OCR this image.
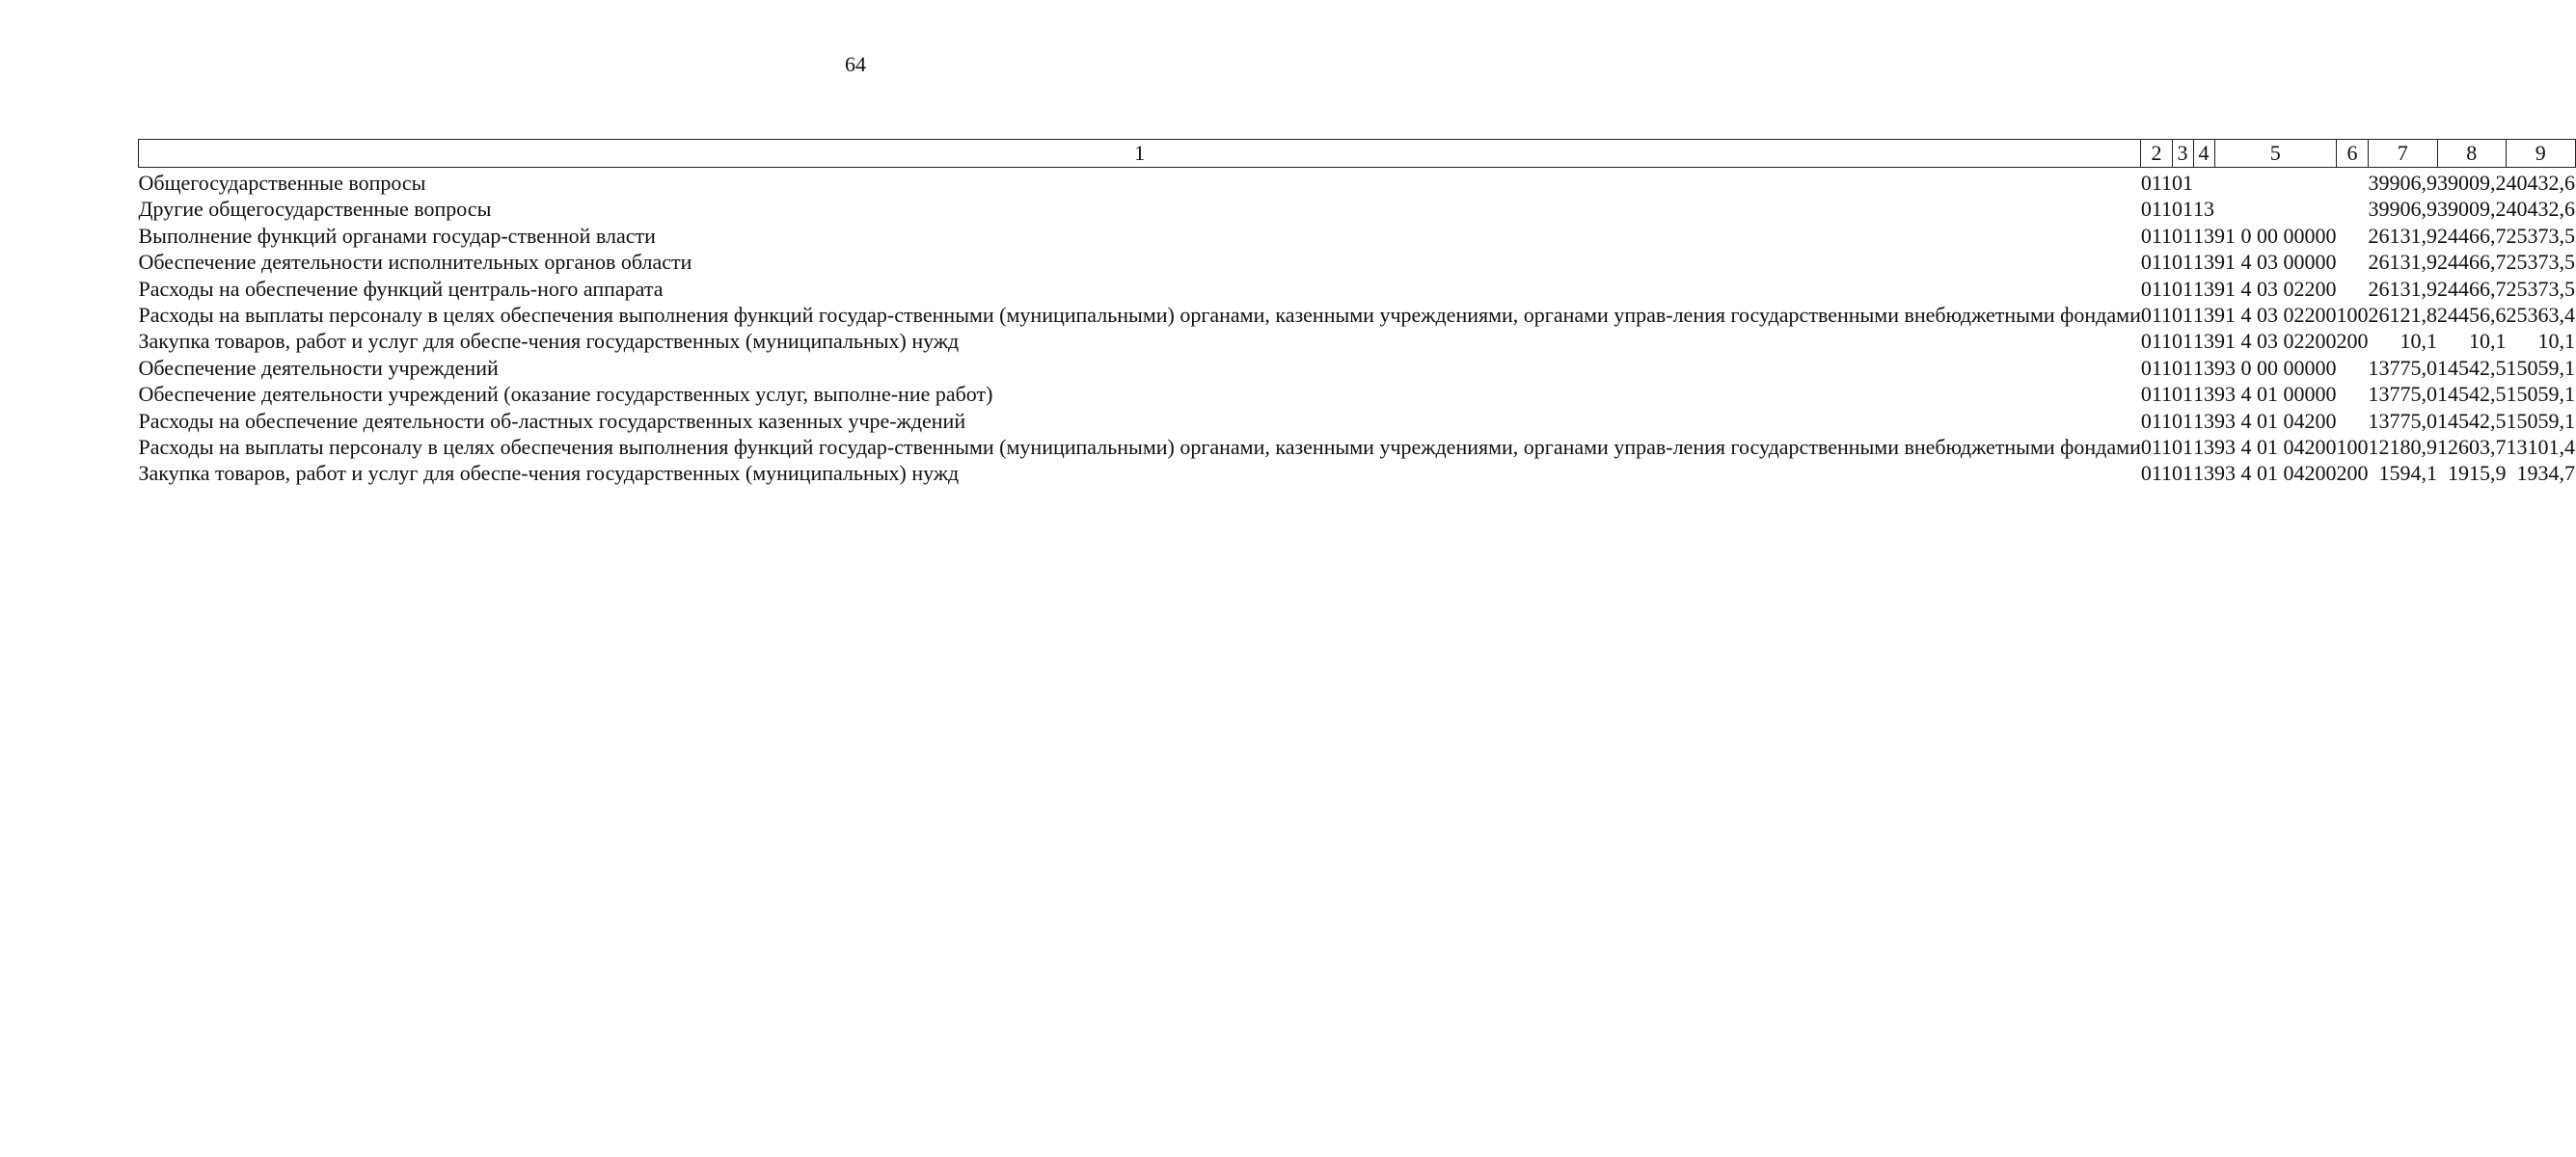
64
1	2	3	4	5	6	7	8	9
Общегосударственные вопросы	011	01				39906,9	39009,2	40432,6
Другие общегосударственные вопросы	011	01	13			39906,9	39009,2	40432,6
Выполнение функций органами государ-ственной власти	011	01	13	91 0 00 00000		26131,9	24466,7	25373,5
Обеспечение деятельности исполнительных органов области	011	01	13	91 4 03 00000		26131,9	24466,7	25373,5
Расходы на обеспечение функций централь-ного аппарата	011	01	13	91 4 03 02200		26131,9	24466,7	25373,5
Расходы на выплаты персоналу в целях обеспечения выполнения функций государ-ственными (муниципальными) органами, казенными учреждениями, органами управ-ления государственными внебюджетными фондами	011	01	13	91 4 03 02200	100	26121,8	24456,6	25363,4
Закупка товаров, работ и услуг для обеспе-чения государственных (муниципальных) нужд	011	01	13	91 4 03 02200	200	10,1	10,1	10,1
Обеспечение деятельности учреждений	011	01	13	93 0 00 00000		13775,0	14542,5	15059,1
Обеспечение деятельности учреждений (оказание государственных услуг, выполне-ние работ)	011	01	13	93 4 01 00000		13775,0	14542,5	15059,1
Расходы на обеспечение деятельности об-ластных государственных казенных учре-ждений	011	01	13	93 4 01 04200		13775,0	14542,5	15059,1
Расходы на выплаты персоналу в целях обеспечения выполнения функций государ-ственными (муниципальными) органами, казенными учреждениями, органами управ-ления государственными внебюджетными фондами	011	01	13	93 4 01 04200	100	12180,9	12603,7	13101,4
Закупка товаров, работ и услуг для обеспе-чения государственных (муниципальных) нужд	011	01	13	93 4 01 04200	200	1594,1	1915,9	1934,7
